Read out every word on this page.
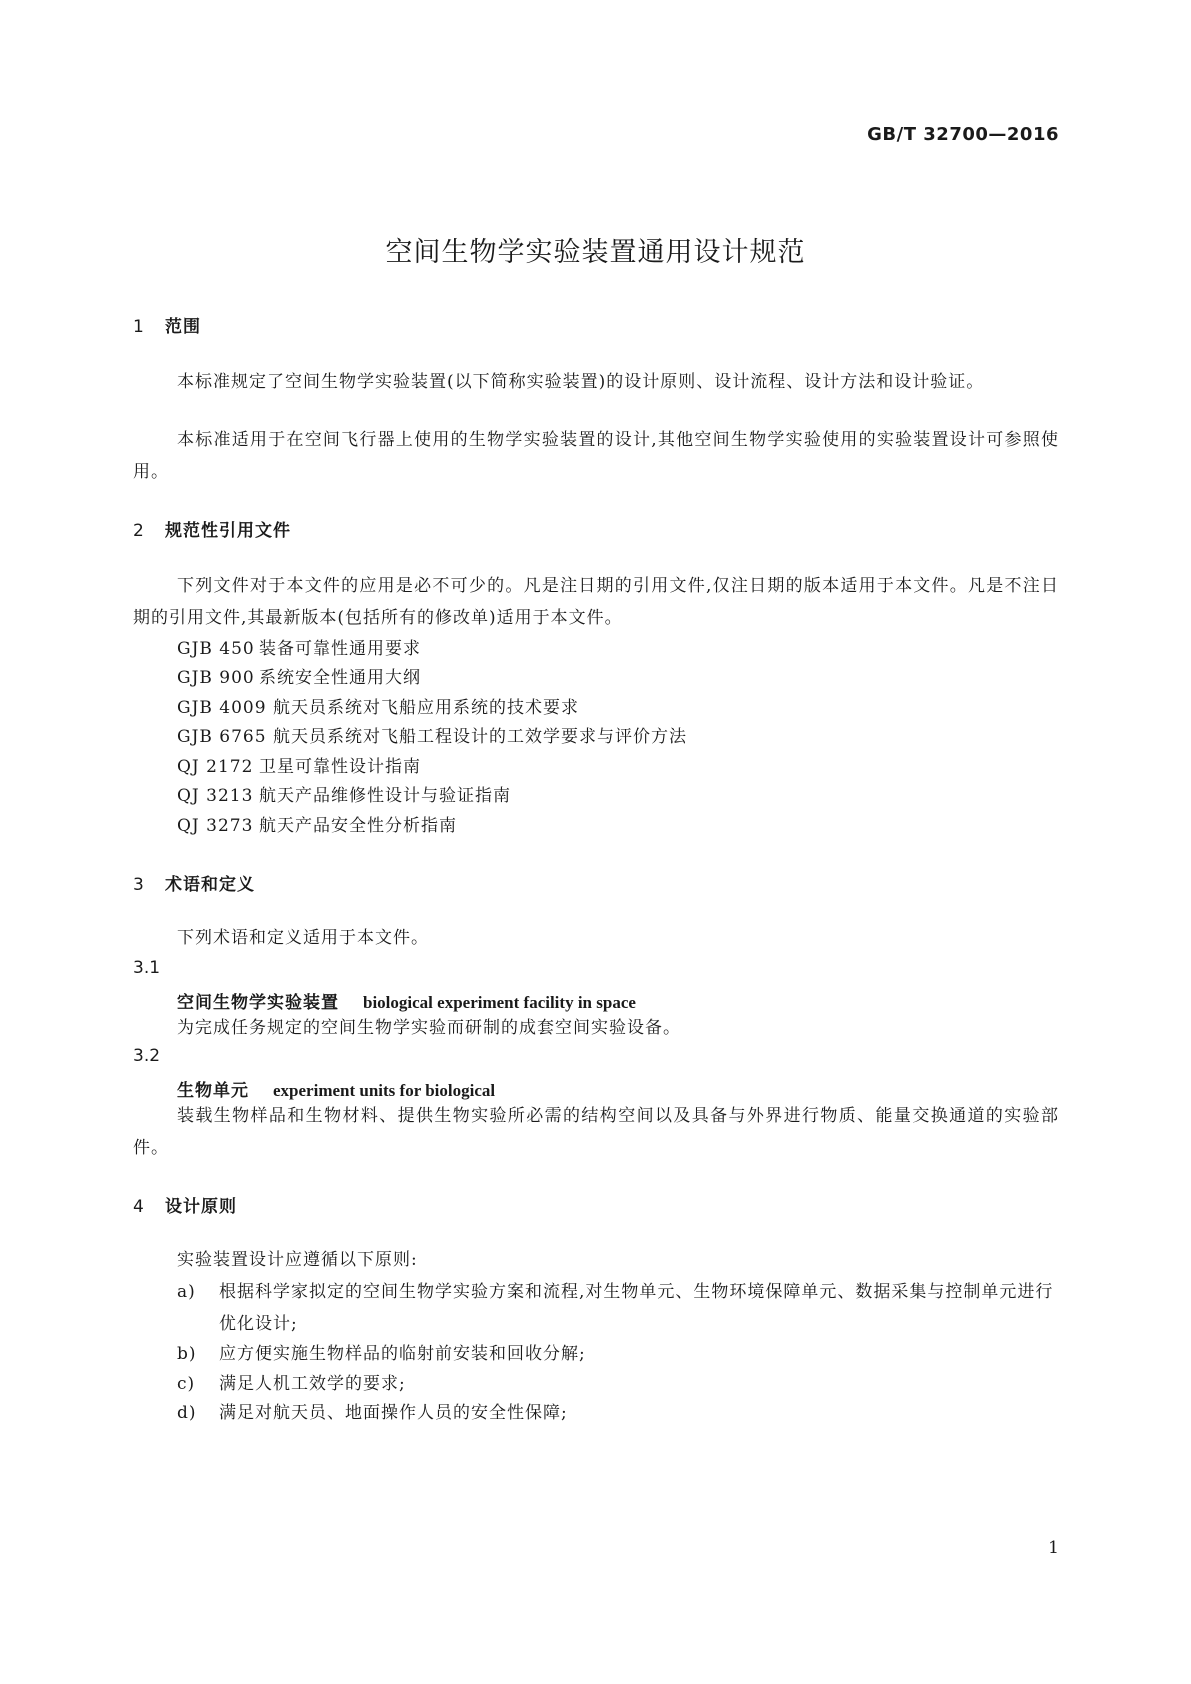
GB/T 32700—2016
空间生物学实验装置通用设计规范
1 范围

本标准规定了空间生物学实验装置(以下简称实验装置)的设计原则、设计流程、设计方法和设计验证。

本标准适用于在空间飞行器上使用的生物学实验装置的设计,其他空间生物学实验使用的实验装置设计可参照使用。

2 规范性引用文件

下列文件对于本文件的应用是必不可少的。凡是注日期的引用文件,仅注日期的版本适用于本文件。凡是不注日期的引用文件,其最新版本(包括所有的修改单)适用于本文件。

GJB 450 装备可靠性通用要求
GJB 900 系统安全性通用大纲
GJB 4009 航天员系统对飞船应用系统的技术要求
GJB 6765 航天员系统对飞船工程设计的工效学要求与评价方法
QJ 2172 卫星可靠性设计指南
QJ 3213 航天产品维修性设计与验证指南
QJ 3273 航天产品安全性分析指南
3 术语和定义

下列术语和定义适用于本文件。

3.1
空间生物学实验装置 biological experiment facility in space

为完成任务规定的空间生物学实验而研制的成套空间实验设备。

3.2
生物单元 experiment units for biological

装载生物样品和生物材料、提供生物实验所必需的结构空间以及具备与外界进行物质、能量交换通道的实验部件。

4 设计原则

实验装置设计应遵循以下原则:

a) 根据科学家拟定的空间生物学实验方案和流程,对生物单元、生物环境保障单元、数据采集与控制单元进行优化设计;
b) 应方便实施生物样品的临射前安装和回收分解;
c) 满足人机工效学的要求;
d) 满足对航天员、地面操作人员的安全性保障;
1
